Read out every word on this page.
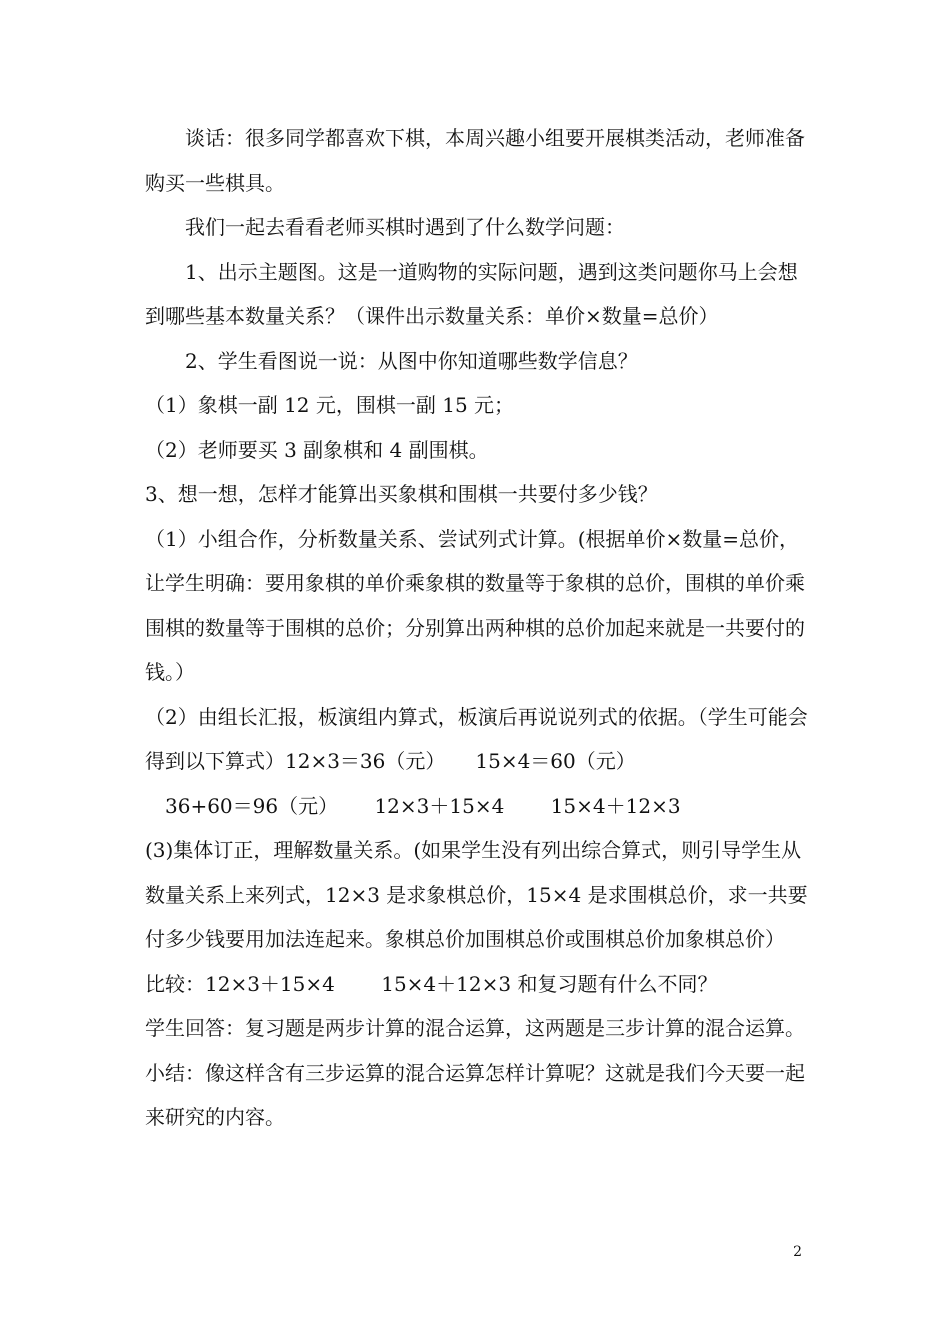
谈话：很多同学都喜欢下棋，本周兴趣小组要开展棋类活动，老师准备购买一些棋具。

我们一起去看看老师买棋时遇到了什么数学问题：

1、出示主题图。这是一道购物的实际问题，遇到这类问题你马上会想到哪些基本数量关系？（课件出示数量关系：单价×数量=总价）

2、学生看图说一说：从图中你知道哪些数学信息？

（1）象棋一副 12 元，围棋一副 15 元；

（2）老师要买 3 副象棋和 4 副围棋。

3、想一想，怎样才能算出买象棋和围棋一共要付多少钱？

（1）小组合作，分析数量关系、尝试列式计算。(根据单价×数量=总价，让学生明确：要用象棋的单价乘象棋的数量等于象棋的总价，围棋的单价乘围棋的数量等于围棋的总价；分别算出两种棋的总价加起来就是一共要付的钱。）

（2）由组长汇报，板演组内算式，板演后再说说列式的依据。（学生可能会得到以下算式）12×3＝36（元）　　15×4＝60（元）

　36+60＝96（元）　　 12×3＋15×4　　 15×4＋12×3

(3)集体订正，理解数量关系。(如果学生没有列出综合算式，则引导学生从数量关系上来列式，12×3 是求象棋总价，15×4 是求围棋总价，求一共要付多少钱要用加法连起来。象棋总价加围棋总价或围棋总价加象棋总价）

比较：12×3＋15×4　　 15×4＋12×3 和复习题有什么不同？

学生回答：复习题是两步计算的混合运算，这两题是三步计算的混合运算。

小结：像这样含有三步运算的混合运算怎样计算呢？这就是我们今天要一起来研究的内容。

2
